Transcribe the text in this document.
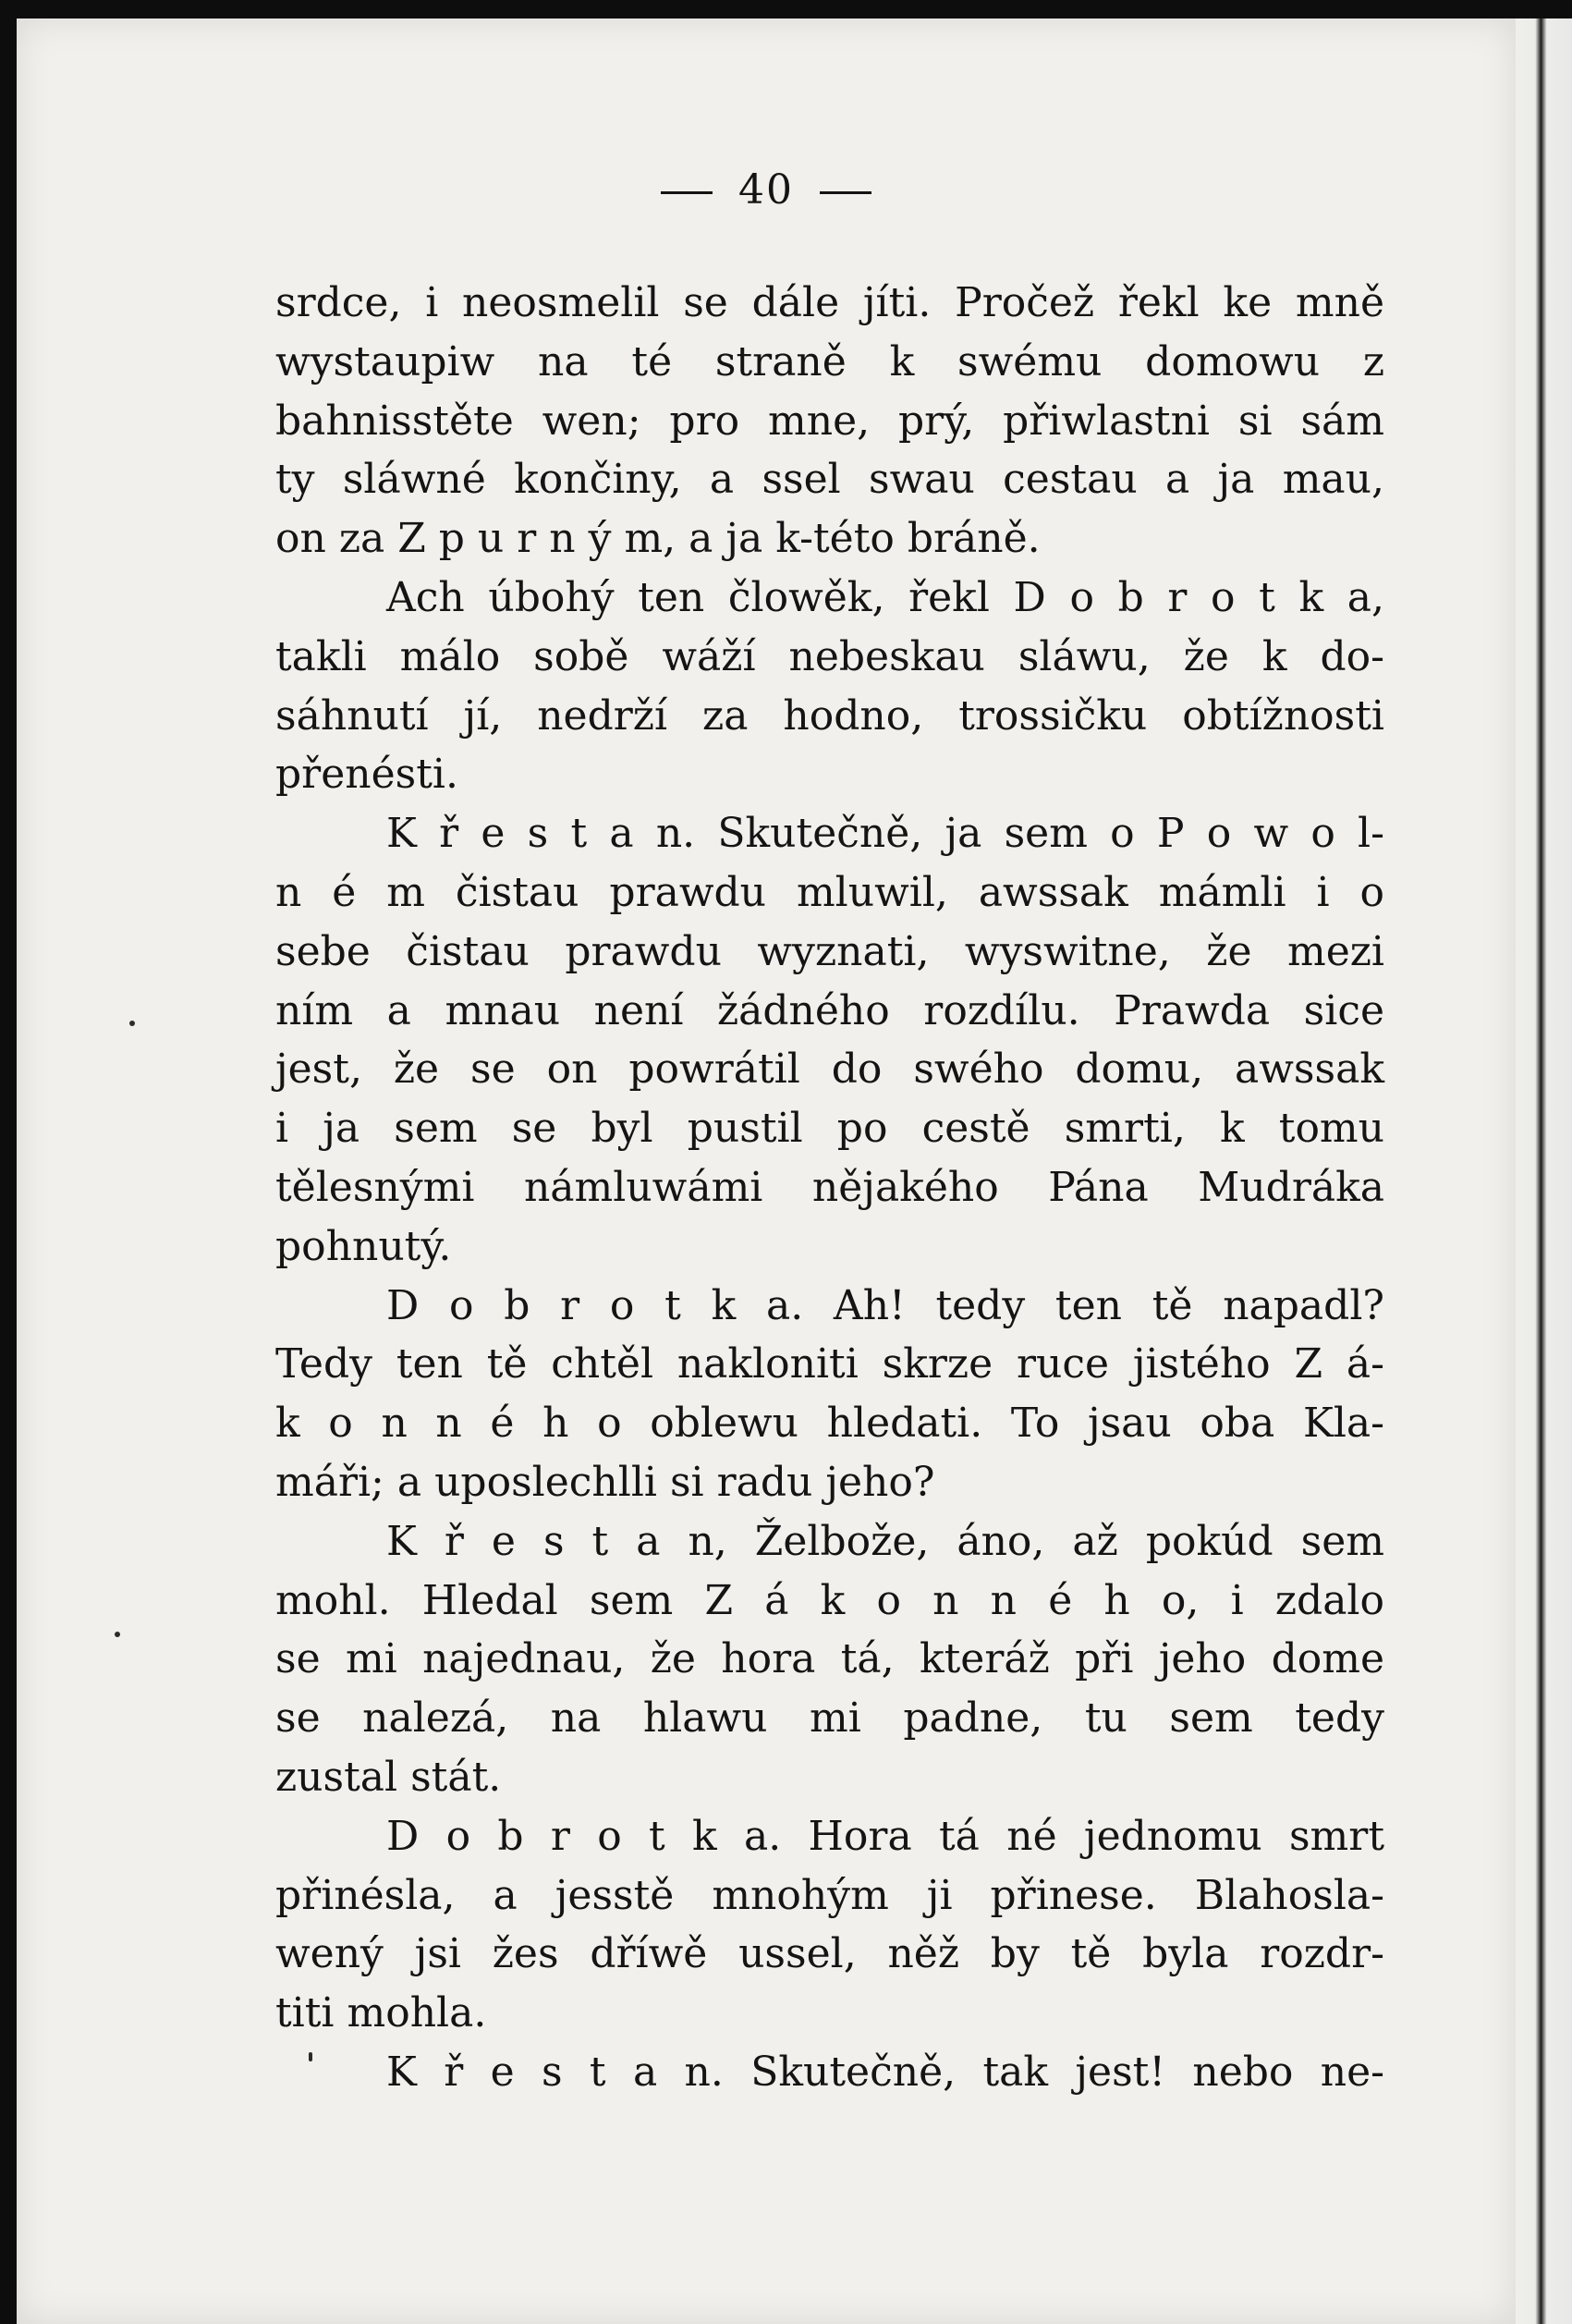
40
srdce, i neosmelil se dále jíti. Pročež řekl ke mně
wystaupiw na té straně k swému domowu z
bahnisstěte wen; pro mne, prý, přiwlastni si sám
ty sláwné končiny, a ssel swau cestau a ja mau,
on za Z p u r n ý m, a ja k-této bráně.
Ach úbohý ten člowěk, řekl D o b r o t k a,
takli málo sobě wáží nebeskau sláwu, že k do-
sáhnutí jí, nedrží za hodno, trossičku obtížnosti
přenésti.
K ř e s t a n. Skutečně, ja sem o P o w o l-
n é m čistau prawdu mluwil, awssak mámli i o
sebe čistau prawdu wyznati, wyswitne, že mezi
ním a mnau není žádného rozdílu. Prawda sice
jest, že se on powrátil do swého domu, awssak
i ja sem se byl pustil po cestě smrti, k tomu
tělesnými námluwámi nějakého Pána Mudráka
pohnutý.
D o b r o t k a. Ah! tedy ten tě napadl?
Tedy ten tě chtěl nakloniti skrze ruce jistého Z á-
k o n n é h o oblewu hledati. To jsau oba Kla-
máři; a uposlechlli si radu jeho?
K ř e s t a n, Želbože, áno, až pokúd sem
mohl. Hledal sem Z á k o n n é h o, i zdalo
se mi najednau, že hora tá, kteráž při jeho dome
se nalezá, na hlawu mi padne, tu sem tedy
zustal stát.
D o b r o t k a. Hora tá né jednomu smrt
přinésla, a jesstě mnohým ji přinese. Blahosla-
wený jsi žes dříwě ussel, něž by tě byla rozdr-
titi mohla.
K ř e s t a n. Skutečně, tak jest! nebo ne-
